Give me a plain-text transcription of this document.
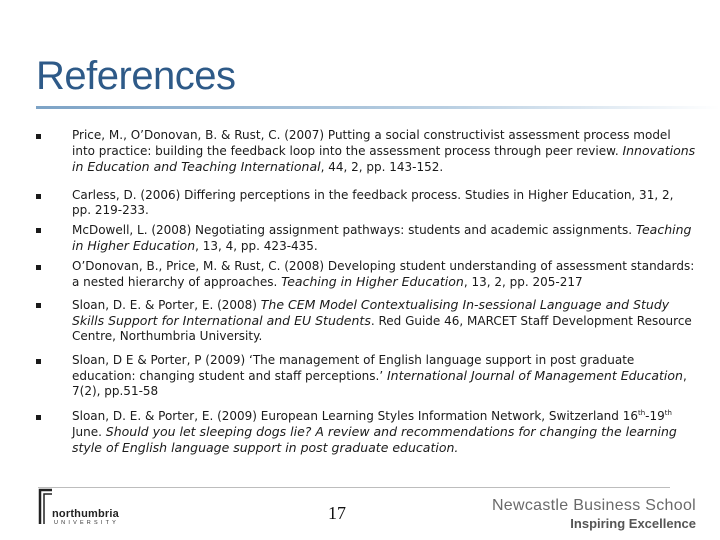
References
Price, M., O’Donovan, B. & Rust, C. (2007) Putting a social constructivist assessment process model into practice: building the feedback loop into the assessment process through peer review. Innovations in Education and Teaching International, 44, 2, pp. 143-152.
Carless, D. (2006) Differing perceptions in the feedback process. Studies in Higher Education, 31, 2, pp. 219-233.
McDowell, L. (2008) Negotiating assignment pathways: students and academic assignments. Teaching in Higher Education, 13, 4, pp. 423-435.
O’Donovan, B., Price, M. & Rust, C. (2008) Developing student understanding of assessment standards: a nested hierarchy of approaches. Teaching in Higher Education, 13, 2, pp. 205-217
Sloan, D. E. & Porter, E. (2008) The CEM Model Contextualising In-sessional Language and Study Skills Support for International and EU Students. Red Guide 46, MARCET Staff Development Resource Centre, Northumbria University.
Sloan, D E & Porter, P (2009) ‘The management of English language support in post graduate education: changing student and staff perceptions.’ International Journal of Management Education, 7(2), pp.51-58
Sloan, D. E. & Porter, E. (2009) European Learning Styles Information Network, Switzerland 16th-19th June. Should you let sleeping dogs lie? A review and recommendations for changing the learning style of English language support in post graduate education.
northumbria
UNIVERSITY	17	Newcastle Business School
Inspiring Excellence
